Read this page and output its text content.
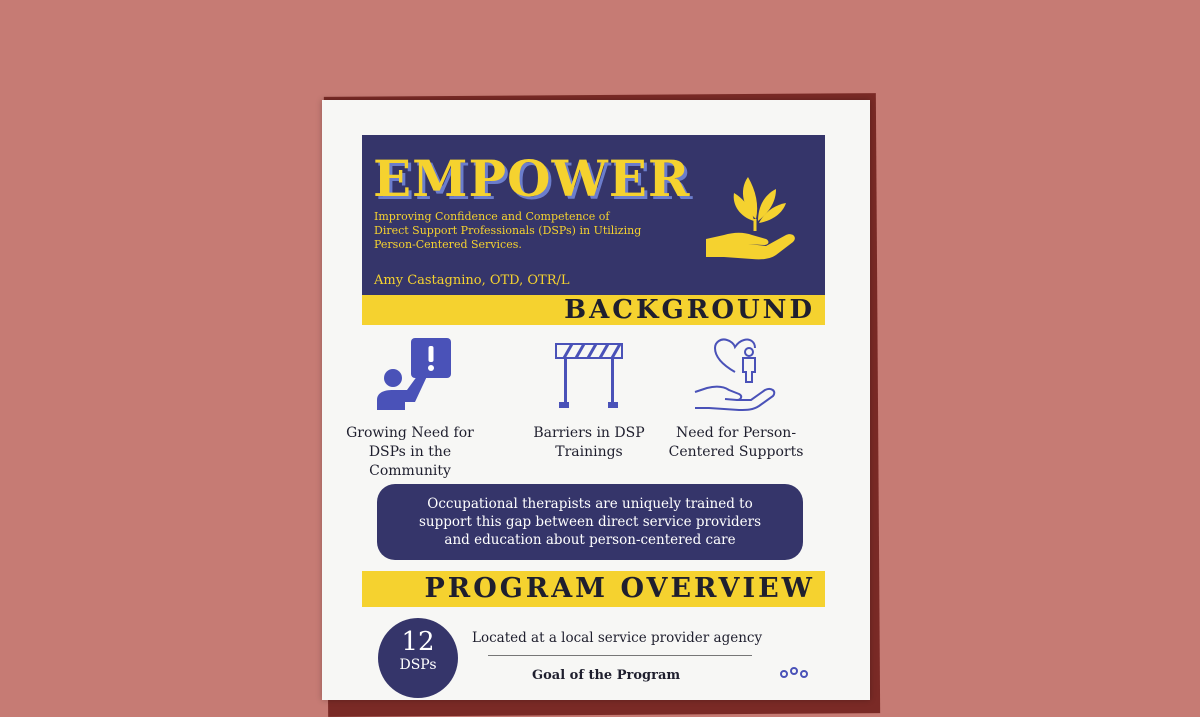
EMPOWER
Improving Confidence and Competence of Direct Support Professionals (DSPs) in Utilizing Person-Centered Services.
Amy Castagnino, OTD, OTR/L
BACKGROUND
Growing Need for DSPs in the Community
Barriers in DSP Trainings
Need for Person-Centered Supports

Occupational therapists are uniquely trained to support this gap between direct service providers and education about person-centered care

PROGRAM OVERVIEW
12
DSPs
Located at a local service provider agency
Goal of the Program
